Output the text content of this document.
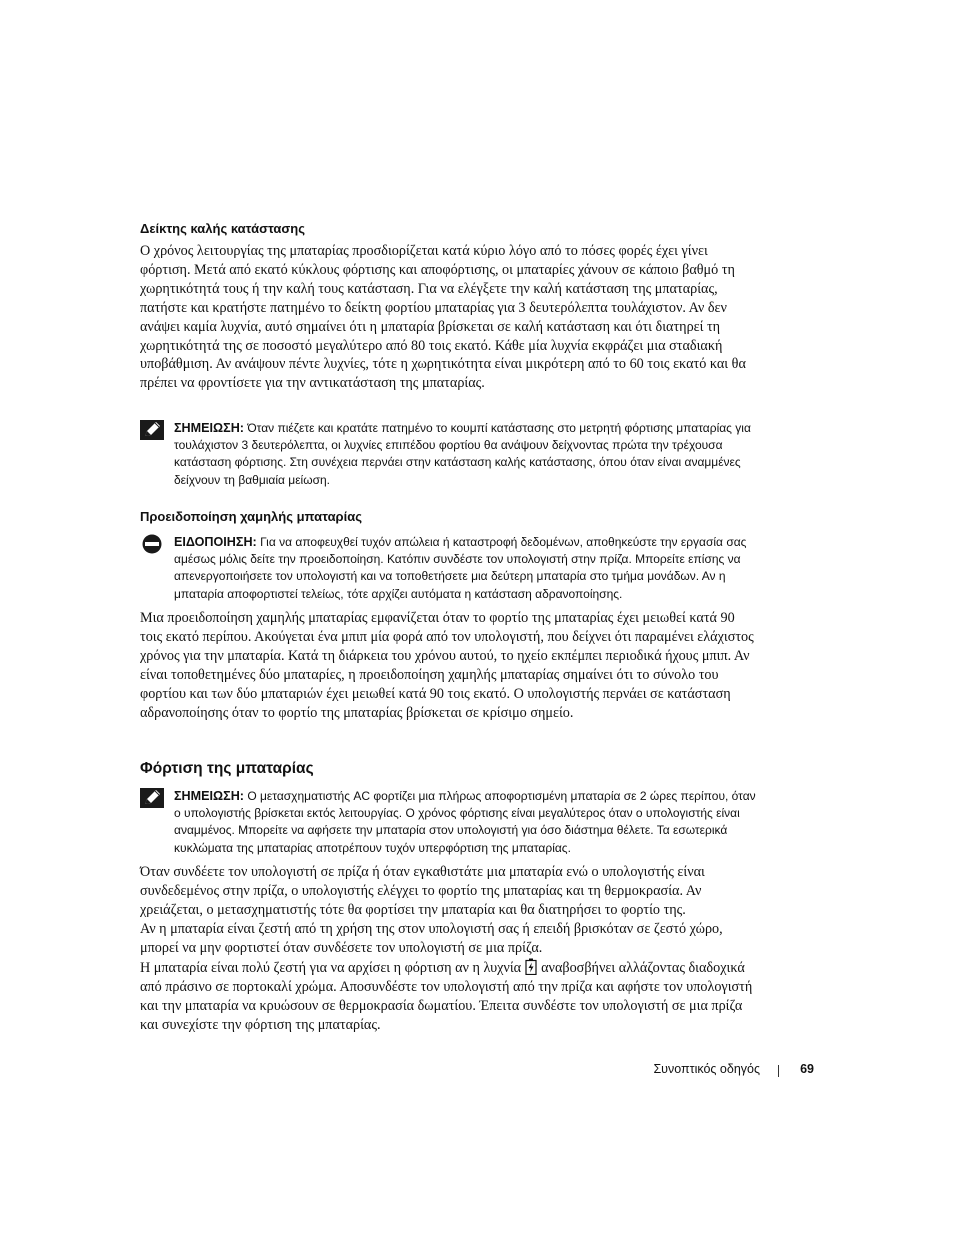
Δείκτης καλής κατάστασης

Ο χρόνος λειτουργίας της μπαταρίας προσδιορίζεται κατά κύριο λόγο από το πόσες φορές έχει γίνει φόρτιση. Μετά από εκατό κύκλους φόρτισης και αποφόρτισης, οι μπαταρίες χάνουν σε κάποιο βαθμό τη χωρητικότητά τους ή την καλή τους κατάσταση. Για να ελέγξετε την καλή κατάσταση της μπαταρίας, πατήστε και κρατήστε πατημένο το δείκτη φορτίου μπαταρίας για 3 δευτερόλεπτα τουλάχιστον. Αν δεν ανάψει καμία λυχνία, αυτό σημαίνει ότι η μπαταρία βρίσκεται σε καλή κατάσταση και ότι διατηρεί τη χωρητικότητά της σε ποσοστό μεγαλύτερο από 80 τοις εκατό. Κάθε μία λυχνία εκφράζει μια σταδιακή υποβάθμιση. Αν ανάψουν πέντε λυχνίες, τότε η χωρητικότητα είναι μικρότερη από το 60 τοις εκατό και θα πρέπει να φροντίσετε για την αντικατάσταση της μπαταρίας.

ΣΗΜΕΙΩΣΗ: Όταν πιέζετε και κρατάτε πατημένο το κουμπί κατάστασης στο μετρητή φόρτισης μπαταρίας για τουλάχιστον 3 δευτερόλεπτα, οι λυχνίες επιπέδου φορτίου θα ανάψουν δείχνοντας πρώτα την τρέχουσα κατάσταση φόρτισης. Στη συνέχεια περνάει στην κατάσταση καλής κατάστασης, όπου όταν είναι αναμμένες δείχνουν τη βαθμιαία μείωση.
Προειδοποίηση χαμηλής μπαταρίας
ΕΙΔΟΠΟΙΗΣΗ: Για να αποφευχθεί τυχόν απώλεια ή καταστροφή δεδομένων, αποθηκεύστε την εργασία σας αμέσως μόλις δείτε την προειδοποίηση. Κατόπιν συνδέστε τον υπολογιστή στην πρίζα. Μπορείτε επίσης να απενεργοποιήσετε τον υπολογιστή και να τοποθετήσετε μια δεύτερη μπαταρία στο τμήμα μονάδων. Αν η μπαταρία αποφορτιστεί τελείως, τότε αρχίζει αυτόματα η κατάσταση αδρανοποίησης.

Μια προειδοποίηση χαμηλής μπαταρίας εμφανίζεται όταν το φορτίο της μπαταρίας έχει μειωθεί κατά 90 τοις εκατό περίπου. Ακούγεται ένα μπιπ μία φορά από τον υπολογιστή, που δείχνει ότι παραμένει ελάχιστος χρόνος για την μπαταρία. Κατά τη διάρκεια του χρόνου αυτού, το ηχείο εκπέμπει περιοδικά ήχους μπιπ. Αν είναι τοποθετημένες δύο μπαταρίες, η προειδοποίηση χαμηλής μπαταρίας σημαίνει ότι το σύνολο του φορτίου και των δύο μπαταριών έχει μειωθεί κατά 90 τοις εκατό. Ο υπολογιστής περνάει σε κατάσταση αδρανοποίησης όταν το φορτίο της μπαταρίας βρίσκεται σε κρίσιμο σημείο.

Φόρτιση της μπαταρίας
ΣΗΜΕΙΩΣΗ: Ο μετασχηματιστής AC φορτίζει μια πλήρως αποφορτισμένη μπαταρία σε 2 ώρες περίπου, όταν ο υπολογιστής βρίσκεται εκτός λειτουργίας. Ο χρόνος φόρτισης είναι μεγαλύτερος όταν ο υπολογιστής είναι αναμμένος. Μπορείτε να αφήσετε την μπαταρία στον υπολογιστή για όσο διάστημα θέλετε. Τα εσωτερικά κυκλώματα της μπαταρίας αποτρέπουν τυχόν υπερφόρτιση της μπαταρίας.

Όταν συνδέετε τον υπολογιστή σε πρίζα ή όταν εγκαθιστάτε μια μπαταρία ενώ ο υπολογιστής είναι συνδεδεμένος στην πρίζα, ο υπολογιστής ελέγχει το φορτίο της μπαταρίας και τη θερμοκρασία. Αν χρειάζεται, ο μετασχηματιστής τότε θα φορτίσει την μπαταρία και θα διατηρήσει το φορτίο της.

Αν η μπαταρία είναι ζεστή από τη χρήση της στον υπολογιστή σας ή επειδή βρισκόταν σε ζεστό χώρο, μπορεί να μην φορτιστεί όταν συνδέσετε τον υπολογιστή σε μια πρίζα.

Η μπαταρία είναι πολύ ζεστή για να αρχίσει η φόρτιση αν η λυχνία αναβοσβήνει αλλάζοντας διαδοχικά από πράσινο σε πορτοκαλί χρώμα. Αποσυνδέστε τον υπολογιστή από την πρίζα και αφήστε τον υπολογιστή και την μπαταρία να κρυώσουν σε θερμοκρασία δωματίου. Έπειτα συνδέστε τον υπολογιστή σε μια πρίζα και συνεχίστε την φόρτιση της μπαταρίας.

Συνοπτικός οδηγός	69
